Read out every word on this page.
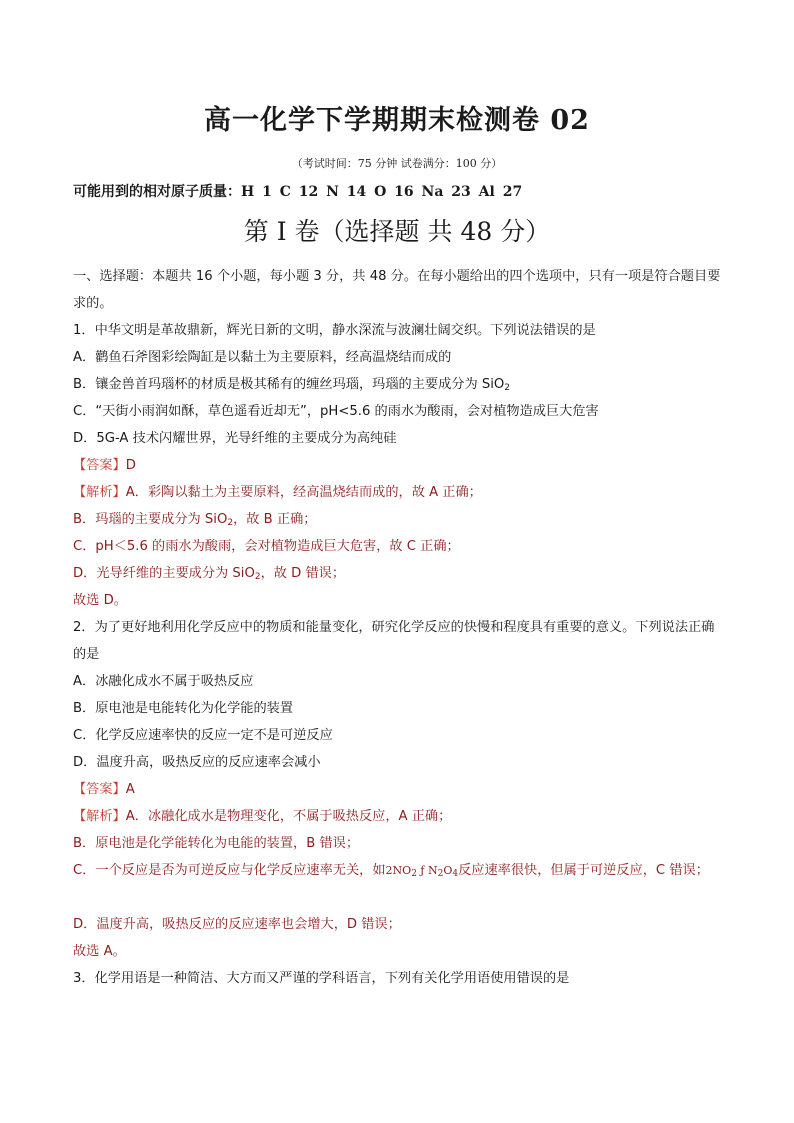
高一化学下学期期末检测卷 02
（考试时间：75 分钟 试卷满分：100 分）
可能用到的相对原子质量：H 1 C 12 N 14 O 16 Na 23 Al 27
第 I 卷（选择题 共 48 分）
一、选择题：本题共 16 个小题，每小题 3 分，共 48 分。在每小题给出的四个选项中，只有一项是符合题目要求的。
1．中华文明是革故鼎新，辉光日新的文明，静水深流与波澜壮阔交织。下列说法错误的是
A．鹳鱼石斧图彩绘陶缸是以黏土为主要原料，经高温烧结而成的
B．镶金兽首玛瑙杯的材质是极其稀有的缠丝玛瑙，玛瑙的主要成分为 SiO$_2$
C．“天街小雨润如酥，草色遥看近却无”，pH<5.6 的雨水为酸雨，会对植物造成巨大危害
D．5G-A 技术闪耀世界，光导纤维的主要成分为高纯硅
【答案】D
【解析】A．彩陶以黏土为主要原料，经高温烧结而成的，故 A 正确；
B．玛瑙的主要成分为 SiO$_2$，故 B 正确；
C．pH＜5.6 的雨水为酸雨，会对植物造成巨大危害，故 C 正确；
D．光导纤维的主要成分为 SiO$_2$，故 D 错误；
故选 D。
2．为了更好地利用化学反应中的物质和能量变化，研究化学反应的快慢和程度具有重要的意义。下列说法正确的是
A．冰融化成水不属于吸热反应
B．原电池是电能转化为化学能的装置
C．化学反应速率快的反应一定不是可逆反应
D．温度升高，吸热反应的反应速率会减小
【答案】A
【解析】A．冰融化成水是物理变化，不属于吸热反应，A 正确；
B．原电池是化学能转化为电能的装置，B 错误；
C．一个反应是否为可逆反应与化学反应速率无关，如$2NO_2$ ƒ $N_2O_4$反应速率很快，但属于可逆反应，C 错误；
D．温度升高，吸热反应的反应速率也会增大，D 错误；
故选 A。
3．化学用语是一种简洁、大方而又严谨的学科语言，下列有关化学用语使用错误的是
